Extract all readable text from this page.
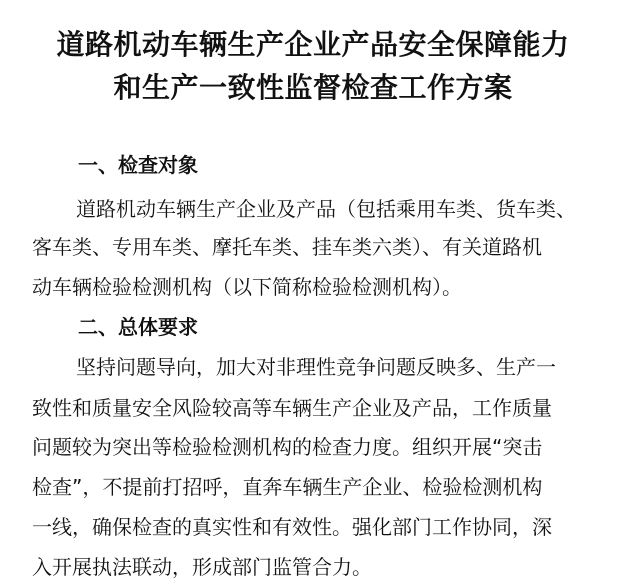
道路机动车辆生产企业产品安全保障能力
和生产一致性监督检查工作方案
一、检查对象
道路机动车辆生产企业及产品（包括乘用车类、货车类、
客车类、专用车类、摩托车类、挂车类六类）、有关道路机
动车辆检验检测机构（以下简称检验检测机构）。
二、总体要求
坚持问题导向，加大对非理性竞争问题反映多、生产一
致性和质量安全风险较高等车辆生产企业及产品，工作质量
问题较为突出等检验检测机构的检查力度。组织开展“突击
检查”，不提前打招呼，直奔车辆生产企业、检验检测机构
一线，确保检查的真实性和有效性。强化部门工作协同，深
入开展执法联动，形成部门监管合力。
